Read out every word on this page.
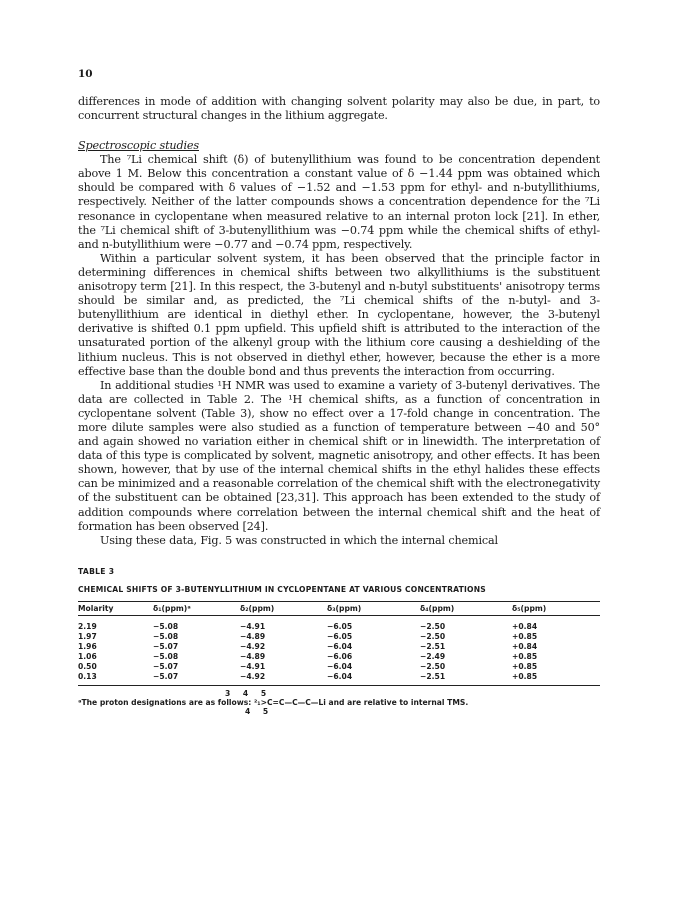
10

differences in mode of addition with changing solvent polarity may also be due, in part, to concurrent structural changes in the lithium aggregate.

Spectroscopic studies

The ⁷Li chemical shift (δ) of butenyllithium was found to be concentration dependent above 1 M. Below this concentration a constant value of δ −1.44 ppm was obtained which should be compared with δ values of −1.52 and −1.53 ppm for ethyl- and n-butyllithiums, respectively. Neither of the latter compounds shows a concentration dependence for the ⁷Li resonance in cyclopentane when measured relative to an internal proton lock [21]. In ether, the ⁷Li chemical shift of 3-butenyllithium was −0.74 ppm while the chemical shifts of ethyl- and n-butyllithium were −0.77 and −0.74 ppm, respectively.

Within a particular solvent system, it has been observed that the principle factor in determining differences in chemical shifts between two alkyllithiums is the substituent anisotropy term [21]. In this respect, the 3-butenyl and n-butyl substituents' anisotropy terms should be similar and, as predicted, the ⁷Li chemical shifts of the n-butyl- and 3-butenyllithium are identical in diethyl ether. In cyclopentane, however, the 3-butenyl derivative is shifted 0.1 ppm upfield. This upfield shift is attributed to the interaction of the unsaturated portion of the alkenyl group with the lithium core causing a deshielding of the lithium nucleus. This is not observed in diethyl ether, however, because the ether is a more effective base than the double bond and thus prevents the interaction from occurring.

In additional studies ¹H NMR was used to examine a variety of 3-butenyl derivatives. The data are collected in Table 2. The ¹H chemical shifts, as a function of concentration in cyclopentane solvent (Table 3), show no effect over a 17-fold change in concentration. The more dilute samples were also studied as a function of temperature between −40 and 50° and again showed no variation either in chemical shift or in linewidth. The interpretation of data of this type is complicated by solvent, magnetic anisotropy, and other effects. It has been shown, however, that by use of the internal chemical shifts in the ethyl halides these effects can be minimized and a reasonable correlation of the chemical shift with the electronegativity of the substituent can be obtained [23,31]. This approach has been extended to the study of addition compounds where correlation between the internal chemical shift and the heat of formation has been observed [24].

Using these data, Fig. 5 was constructed in which the internal chemical

TABLE 3
CHEMICAL SHIFTS OF 3-BUTENYLLITHIUM IN CYCLOPENTANE AT VARIOUS CONCENTRATIONS
Molarity	δ₁(ppm)ᵃ	δ₂(ppm)	δ₃(ppm)	δ₄(ppm)	δ₅(ppm)
2.19	−5.08	−4.91	−6.05	−2.50	+0.84
1.97	−5.08	−4.89	−6.05	−2.50	+0.85
1.96	−5.07	−4.92	−6.04	−2.51	+0.84
1.06	−5.08	−4.89	−6.06	−2.49	+0.85
0.50	−5.07	−4.91	−6.04	−2.50	+0.85
0.13	−5.07	−4.92	−6.04	−2.51	+0.85
3 4 5
ᵃThe proton designations are as follows: ²₁>C=C—C—C—Li and are relative to internal TMS.
4 5
